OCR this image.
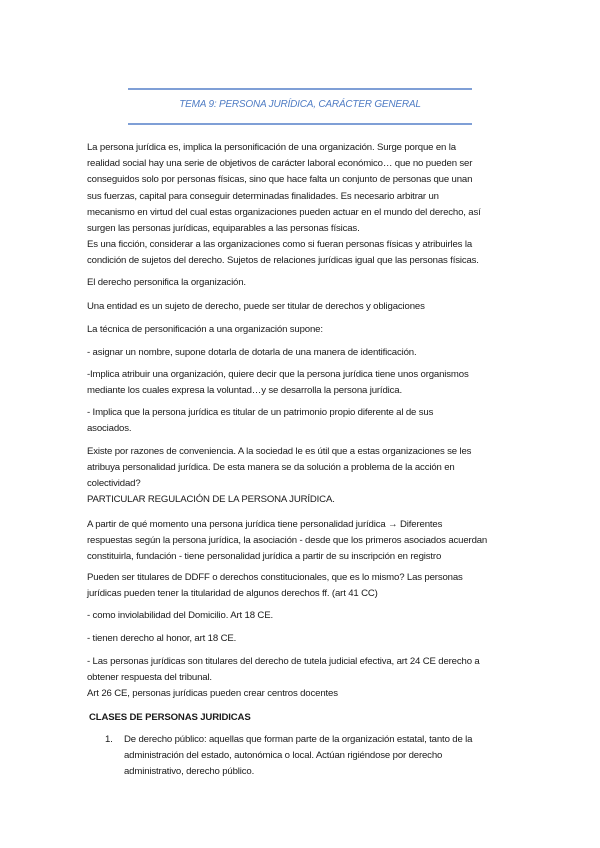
TEMA 9: PERSONA JURÍDICA, CARÁCTER GENERAL
La persona jurídica es, implica la personificación de una organización. Surge porque en la
realidad social hay una serie de objetivos de carácter laboral económico… que no pueden ser
conseguidos solo por personas físicas, sino que hace falta un conjunto de personas que unan
sus fuerzas, capital para conseguir determinadas finalidades. Es necesario arbitrar un
mecanismo en virtud del cual estas organizaciones pueden actuar en el mundo del derecho, así
surgen las personas jurídicas, equiparables a las personas físicas.
Es una ficción, considerar a las organizaciones como si fueran personas físicas y atribuirles la
condición de sujetos del derecho. Sujetos de relaciones jurídicas igual que las personas físicas.
El derecho personifica la organización.
Una entidad es un sujeto de derecho, puede ser titular de derechos y obligaciones
La técnica de personificación a una organización supone:
- asignar un nombre, supone dotarla de dotarla de una manera de identificación.
-Implica atribuir una organización, quiere decir que la persona jurídica tiene unos organismos
mediante los cuales expresa la voluntad…y se desarrolla la persona jurídica.
- Implica que la persona jurídica es titular de un patrimonio propio diferente al de sus
asociados.
Existe por razones de conveniencia. A la sociedad le es útil que a estas organizaciones se les
atribuya personalidad jurídica. De esta manera se da solución a problema de la acción en
colectividad?
PARTICULAR REGULACIÓN DE LA PERSONA JURÍDICA.
A partir de qué momento una persona jurídica tiene personalidad jurídica → Diferentes
respuestas según la persona jurídica, la asociación - desde que los primeros asociados acuerdan
constituirla, fundación - tiene personalidad jurídica a partir de su inscripción en registro
Pueden ser titulares de DDFF o derechos constitucionales, que es lo mismo? Las personas
jurídicas pueden tener la titularidad de algunos derechos ff. (art 41 CC)
- como inviolabilidad del Domicilio. Art 18 CE.
- tienen derecho al honor, art 18 CE.
- Las personas jurídicas son titulares del derecho de tutela judicial efectiva, art 24 CE derecho a
obtener respuesta del tribunal.
Art 26 CE, personas jurídicas pueden crear centros docentes
CLASES DE PERSONAS JURIDICAS
1. De derecho público: aquellas que forman parte de la organización estatal, tanto de la
administración del estado, autonómica o local. Actúan rigiéndose por derecho
administrativo, derecho público.
